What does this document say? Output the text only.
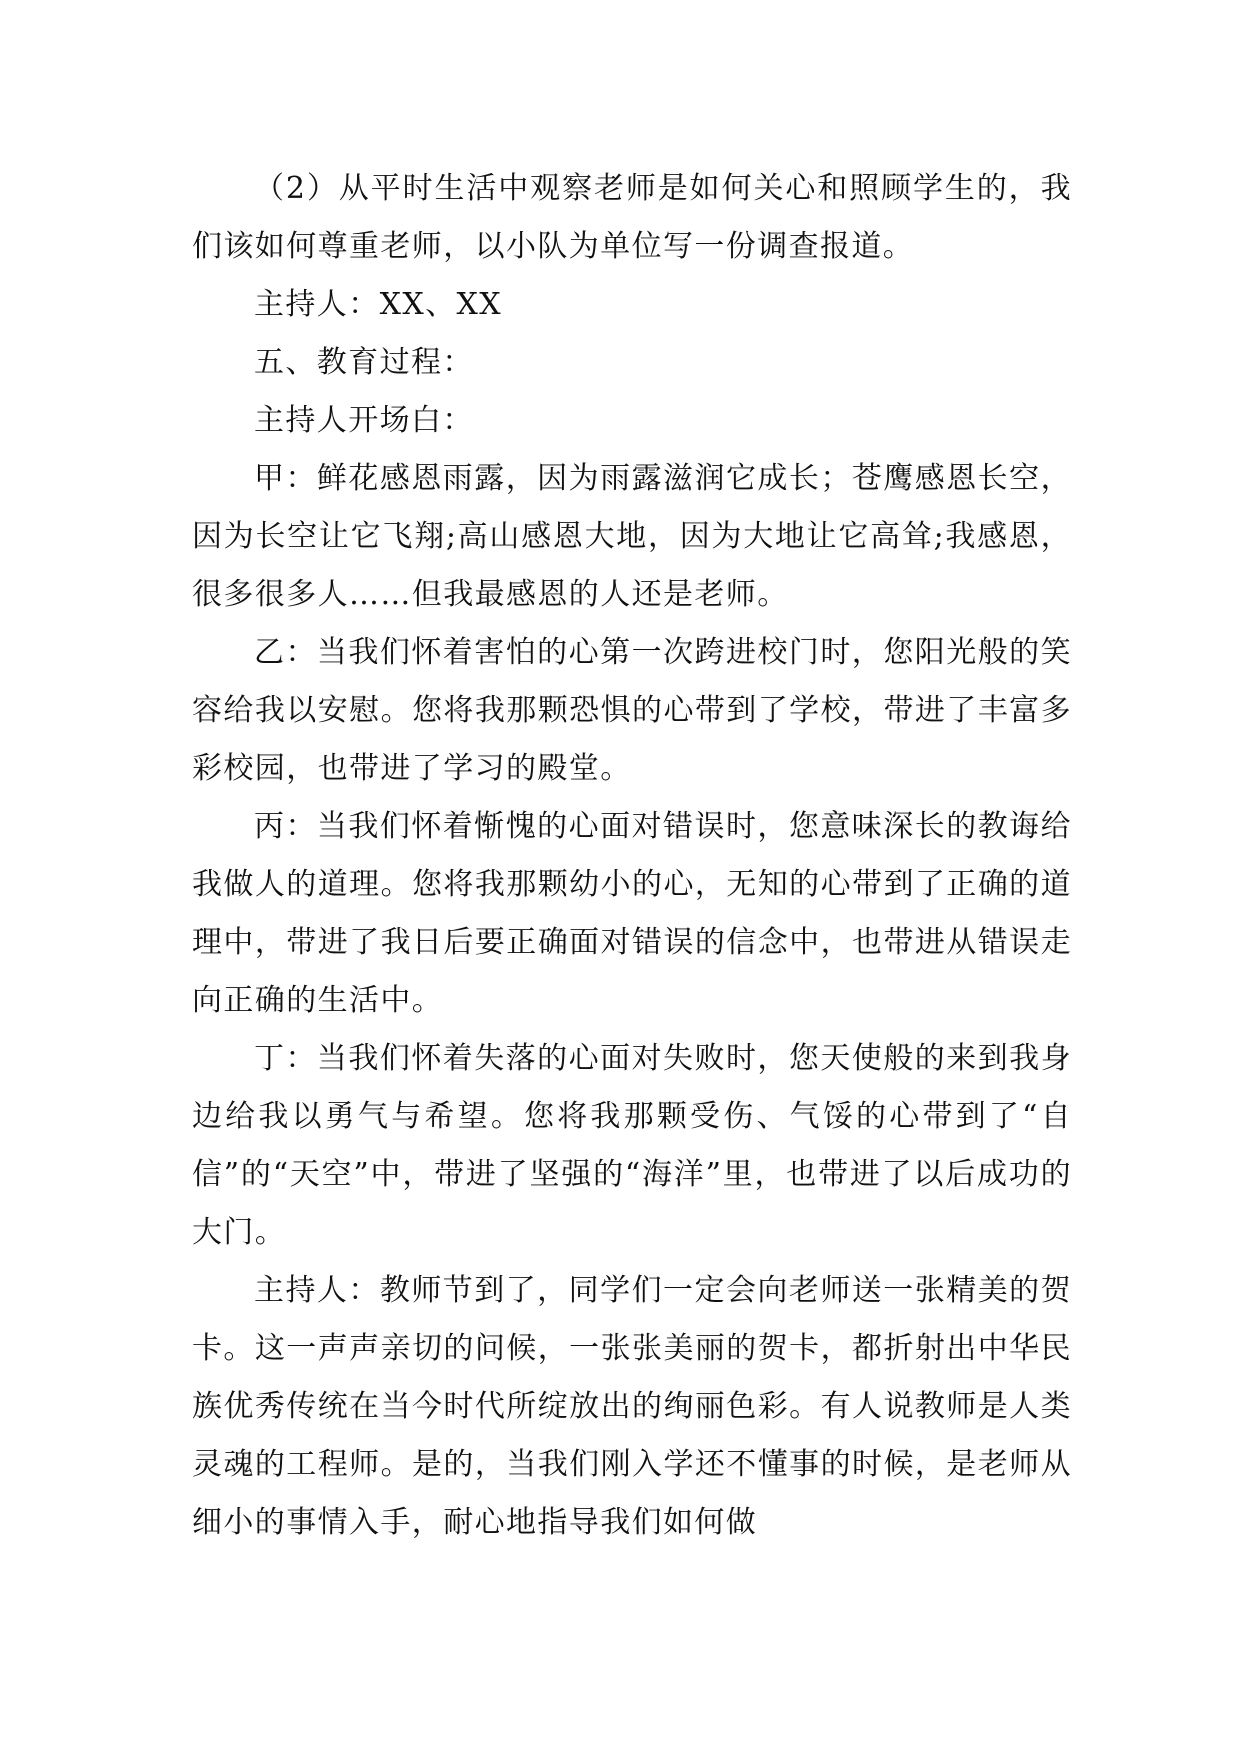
（2）从平时生活中观察老师是如何关心和照顾学生的，我们该如何尊重老师，以小队为单位写一份调查报道。

主持人：XX、XX

五、教育过程：

主持人开场白：

甲：鲜花感恩雨露，因为雨露滋润它成长；苍鹰感恩长空，因为长空让它飞翔;高山感恩大地，因为大地让它高耸;我感恩，很多很多人……但我最感恩的人还是老师。

乙：当我们怀着害怕的心第一次跨进校门时，您阳光般的笑容给我以安慰。您将我那颗恐惧的心带到了学校，带进了丰富多彩校园，也带进了学习的殿堂。

丙：当我们怀着惭愧的心面对错误时，您意味深长的教诲给我做人的道理。您将我那颗幼小的心，无知的心带到了正确的道理中，带进了我日后要正确面对错误的信念中，也带进从错误走向正确的生活中。

丁：当我们怀着失落的心面对失败时，您天使般的来到我身边给我以勇气与希望。您将我那颗受伤、气馁的心带到了“自信”的“天空”中，带进了坚强的“海洋”里，也带进了以后成功的大门。

主持人：教师节到了，同学们一定会向老师送一张精美的贺卡。这一声声亲切的问候，一张张美丽的贺卡，都折射出中华民族优秀传统在当今时代所绽放出的绚丽色彩。有人说教师是人类灵魂的工程师。是的，当我们刚入学还不懂事的时候，是老师从细小的事情入手，耐心地指导我们如何做
